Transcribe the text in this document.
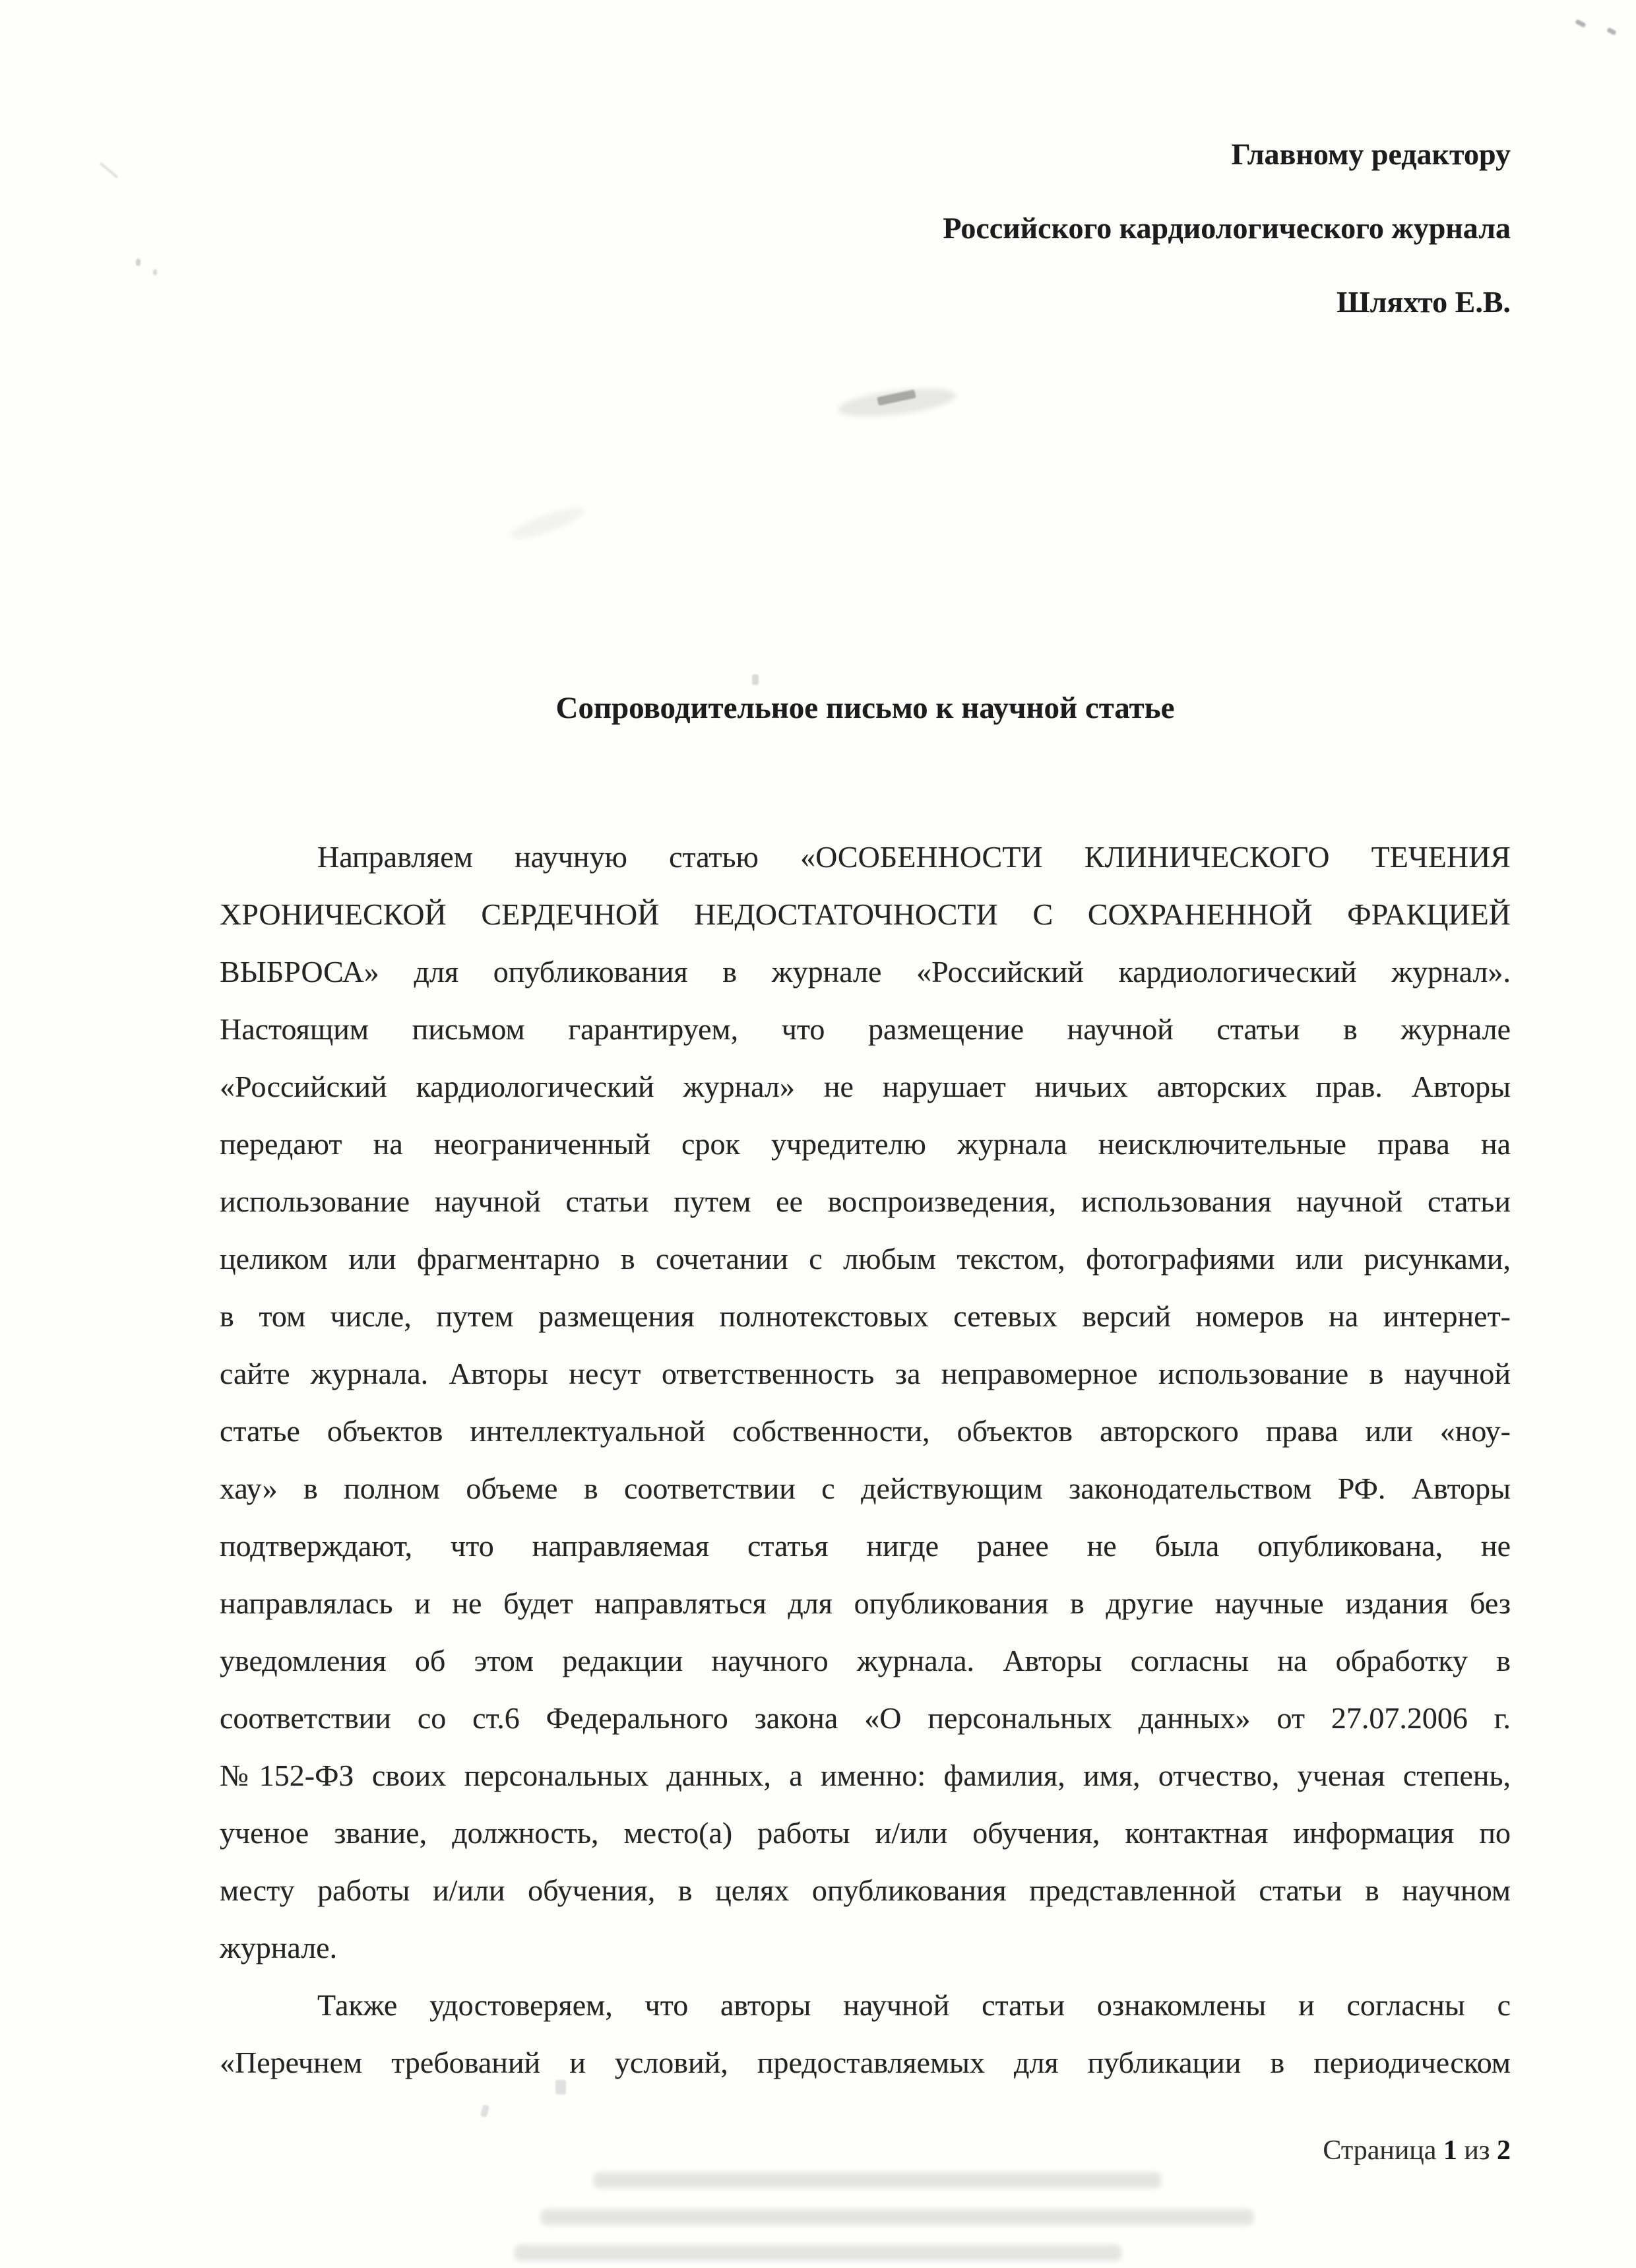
Главному редактору
Российского кардиологического журнала
Шляхто Е.В.
Сопроводительное письмо к научной статье
Направляем научную статью «ОСОБЕННОСТИ КЛИНИЧЕСКОГО ТЕЧЕНИЯ
ХРОНИЧЕСКОЙ СЕРДЕЧНОЙ НЕДОСТАТОЧНОСТИ С СОХРАНЕННОЙ ФРАКЦИЕЙ
ВЫБРОСА» для опубликования в журнале «Российский кардиологический журнал».
Настоящим письмом гарантируем, что размещение научной статьи в журнале
«Российский кардиологический журнал» не нарушает ничьих авторских прав. Авторы
передают на неограниченный срок учредителю журнала неисключительные права на
использование научной статьи путем ее воспроизведения, использования научной статьи
целиком или фрагментарно в сочетании с любым текстом, фотографиями или рисунками,
в том числе, путем размещения полнотекстовых сетевых версий номеров на интернет-
сайте журнала. Авторы несут ответственность за неправомерное использование в научной
статье объектов интеллектуальной собственности, объектов авторского права или «ноу-
хау» в полном объеме в соответствии с действующим законодательством РФ. Авторы
подтверждают, что направляемая статья нигде ранее не была опубликована, не
направлялась и не будет направляться для опубликования в другие научные издания без
уведомления об этом редакции научного журнала. Авторы согласны на обработку в
соответствии со ст.6 Федерального закона «О персональных данных» от 27.07.2006 г.
№152-ФЗ своих персональных данных, а именно: фамилия, имя, отчество, ученая степень,
ученое звание, должность, место(а) работы и/или обучения, контактная информация по
месту работы и/или обучения, в целях опубликования представленной статьи в научном
журнале.
Также удостоверяем, что авторы научной статьи ознакомлены и согласны с
«Перечнем требований и условий, предоставляемых для публикации в периодическом
Страница 1 из 2
